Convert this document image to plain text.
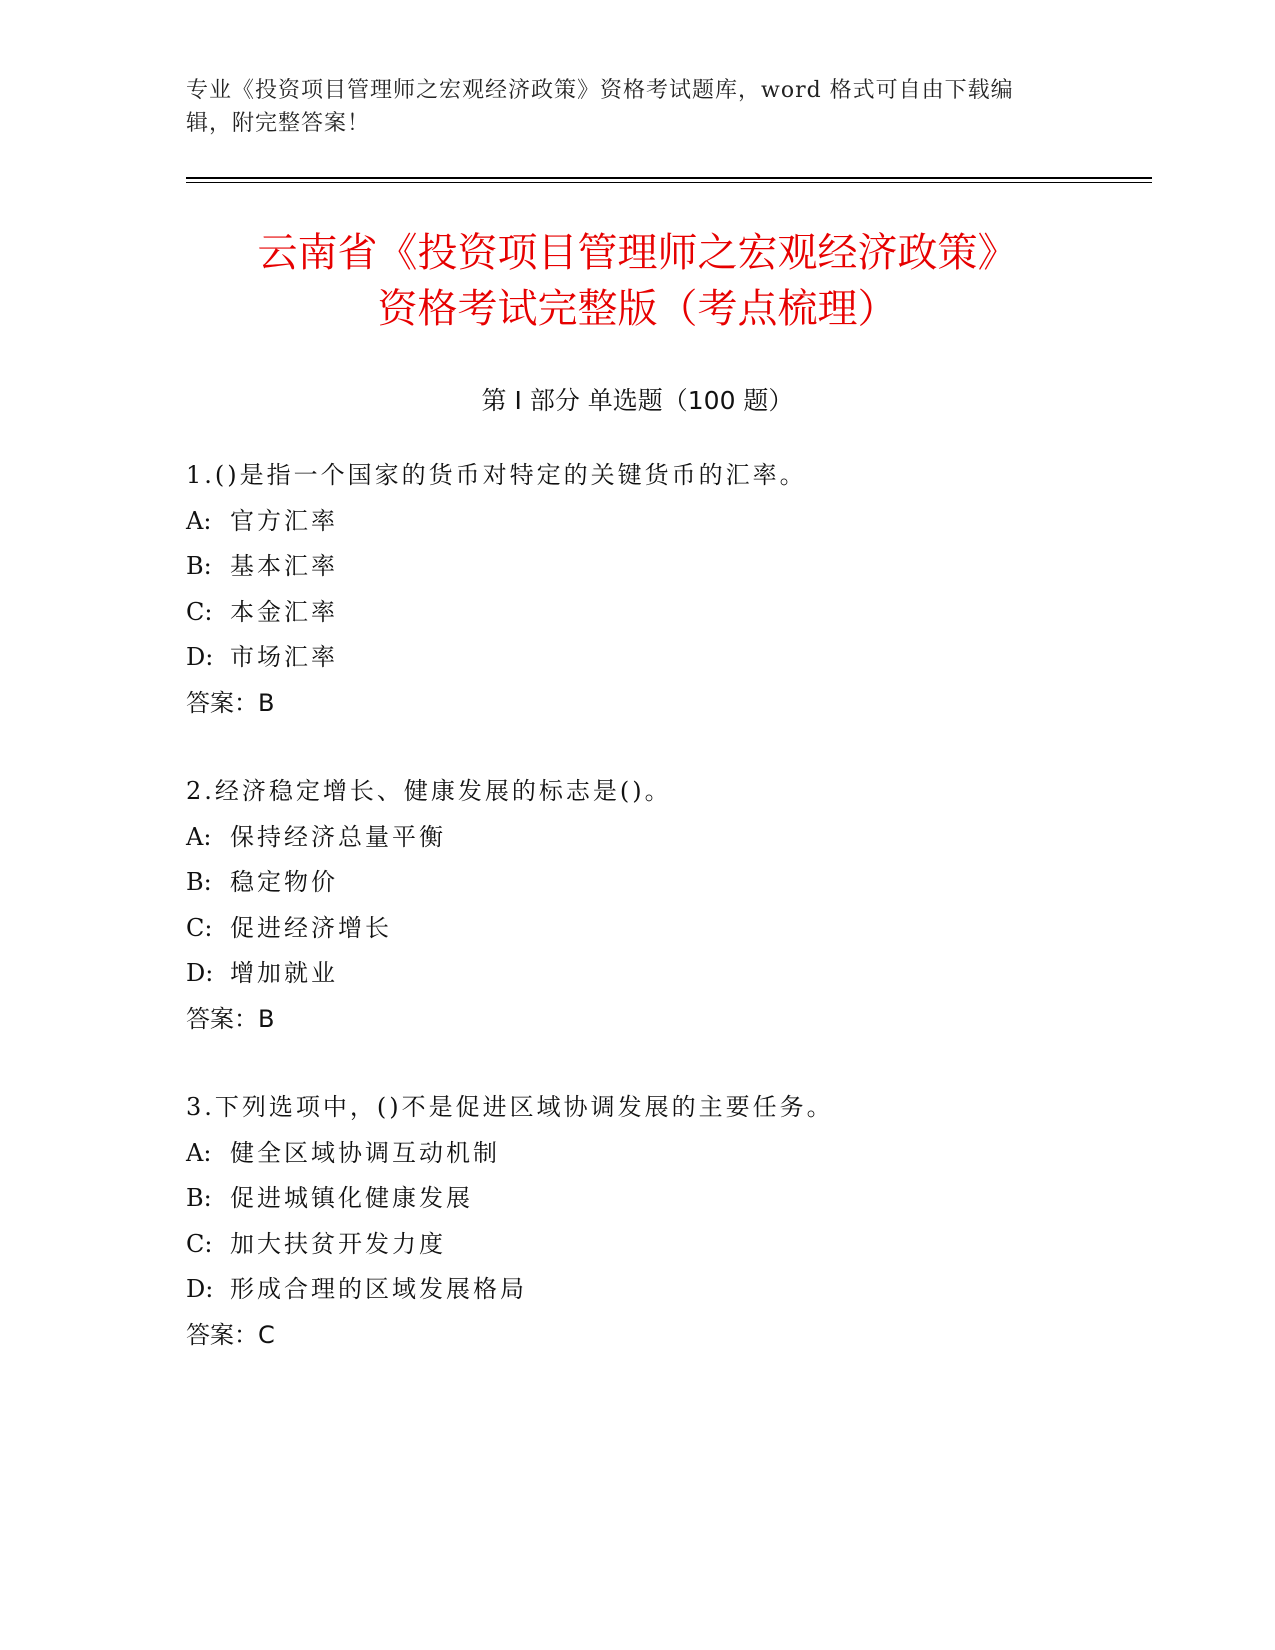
专业《投资项目管理师之宏观经济政策》资格考试题库，word 格式可自由下载编
辑，附完整答案！
云南省《投资项目管理师之宏观经济政策》
资格考试完整版（考点梳理）
第 I 部分 单选题（100 题）
1.()是指一个国家的货币对特定的关键货币的汇率。
A: 官方汇率
B: 基本汇率
C: 本金汇率
D: 市场汇率
答案：B
2.经济稳定增长、健康发展的标志是()。
A: 保持经济总量平衡
B: 稳定物价
C: 促进经济增长
D: 增加就业
答案：B
3.下列选项中，()不是促进区域协调发展的主要任务。
A: 健全区域协调互动机制
B: 促进城镇化健康发展
C: 加大扶贫开发力度
D: 形成合理的区域发展格局
答案：C
